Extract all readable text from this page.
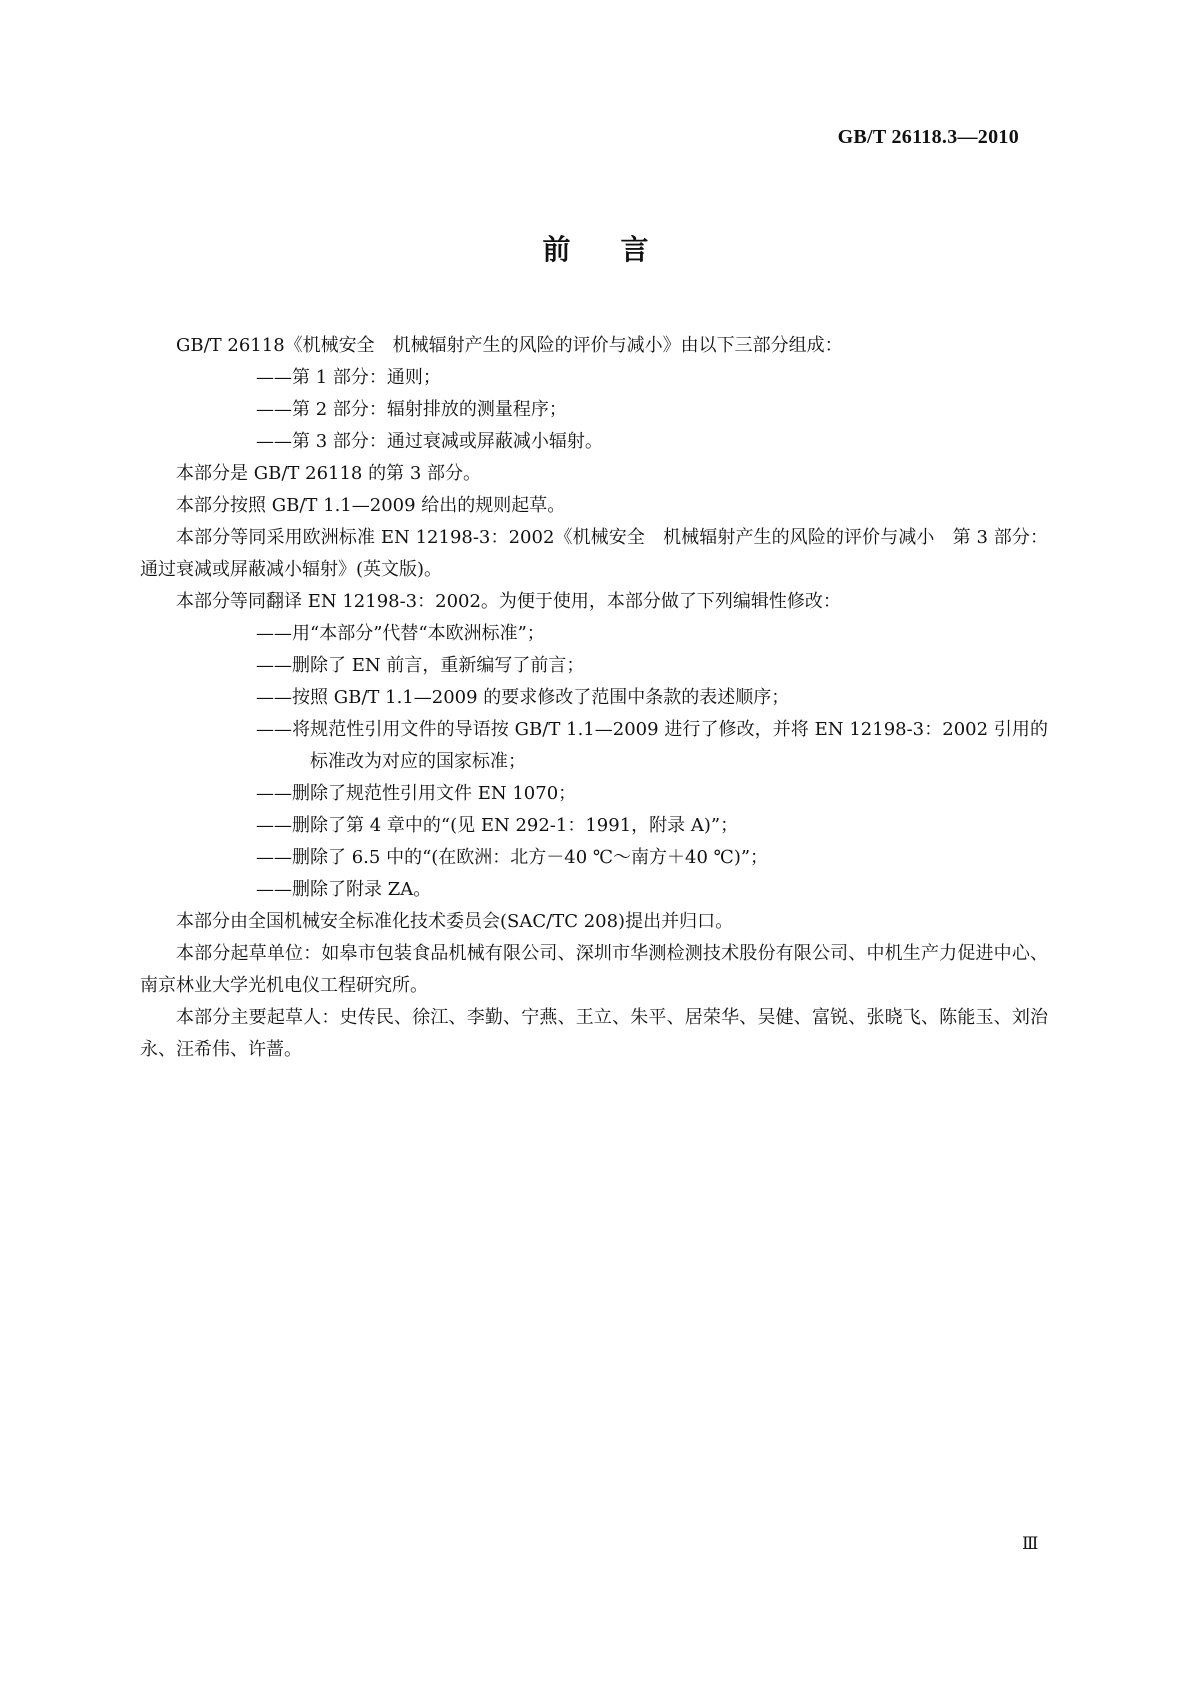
GB/T 26118.3—2010
前言
GB/T 26118《机械安全　机械辐射产生的风险的评价与减小》由以下三部分组成：
——第 1 部分：通则；
——第 2 部分：辐射排放的测量程序；
——第 3 部分：通过衰减或屏蔽减小辐射。
本部分是 GB/T 26118 的第 3 部分。
本部分按照 GB/T 1.1—2009 给出的规则起草。
本部分等同采用欧洲标准 EN 12198-3：2002《机械安全　机械辐射产生的风险的评价与减小　第 3 部分：通过衰减或屏蔽减小辐射》(英文版)。
本部分等同翻译 EN 12198-3：2002。为便于使用，本部分做了下列编辑性修改：
——用“本部分”代替“本欧洲标准”；
——删除了 EN 前言，重新编写了前言；
——按照 GB/T 1.1—2009 的要求修改了范围中条款的表述顺序；
——将规范性引用文件的导语按 GB/T 1.1—2009 进行了修改，并将 EN 12198-3：2002 引用的标准改为对应的国家标准；
——删除了规范性引用文件 EN 1070；
——删除了第 4 章中的“(见 EN 292-1：1991，附录 A)”；
——删除了 6.5 中的“(在欧洲：北方－40 ℃～南方＋40 ℃)”；
——删除了附录 ZA。
本部分由全国机械安全标准化技术委员会(SAC/TC 208)提出并归口。
本部分起草单位：如皋市包装食品机械有限公司、深圳市华测检测技术股份有限公司、中机生产力促进中心、南京林业大学光机电仪工程研究所。
本部分主要起草人：史传民、徐江、李勤、宁燕、王立、朱平、居荣华、吴健、富锐、张晓飞、陈能玉、刘治永、汪希伟、许蔷。
Ⅲ
